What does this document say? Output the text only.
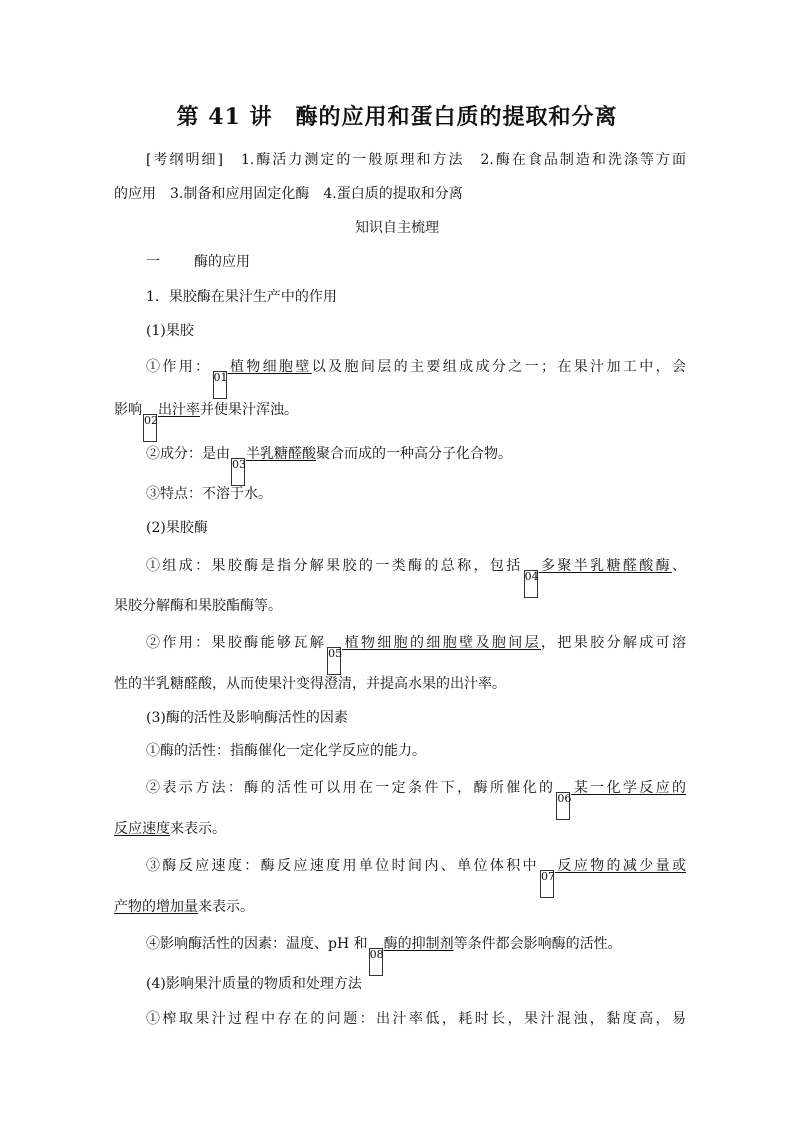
第 41 讲　酶的应用和蛋白质的提取和分离
[考纲明细]　1.酶活力测定的一般原理和方法　2.酶在食品制造和洗涤等方面
的应用　3.制备和应用固定化酶　4.蛋白质的提取和分离
知识自主梳理
一 酶的应用
1．果胶酶在果汁生产中的作用
(1)果胶
①作用：01植物细胞壁以及胞间层的主要组成成分之一；在果汁加工中，会
影响02出汁率并使果汁浑浊。
②成分：是由03半乳糖醛酸聚合而成的一种高分子化合物。
③特点：不溶于水。
(2)果胶酶
①组成：果胶酶是指分解果胶的一类酶的总称，包括04多聚半乳糖醛酸酶、
果胶分解酶和果胶酯酶等。
②作用：果胶酶能够瓦解05植物细胞的细胞壁及胞间层，把果胶分解成可溶
性的半乳糖醛酸，从而使果汁变得澄清，并提高水果的出汁率。
(3)酶的活性及影响酶活性的因素
①酶的活性：指酶催化一定化学反应的能力。
②表示方法：酶的活性可以用在一定条件下，酶所催化的06某一化学反应的
反应速度来表示。
③酶反应速度：酶反应速度用单位时间内、单位体积中07反应物的减少量或
产物的增加量来表示。
④影响酶活性的因素：温度、pH 和08酶的抑制剂等条件都会影响酶的活性。
(4)影响果汁质量的物质和处理方法
①榨取果汁过程中存在的问题：出汁率低，耗时长，果汁混浊，黏度高，易
